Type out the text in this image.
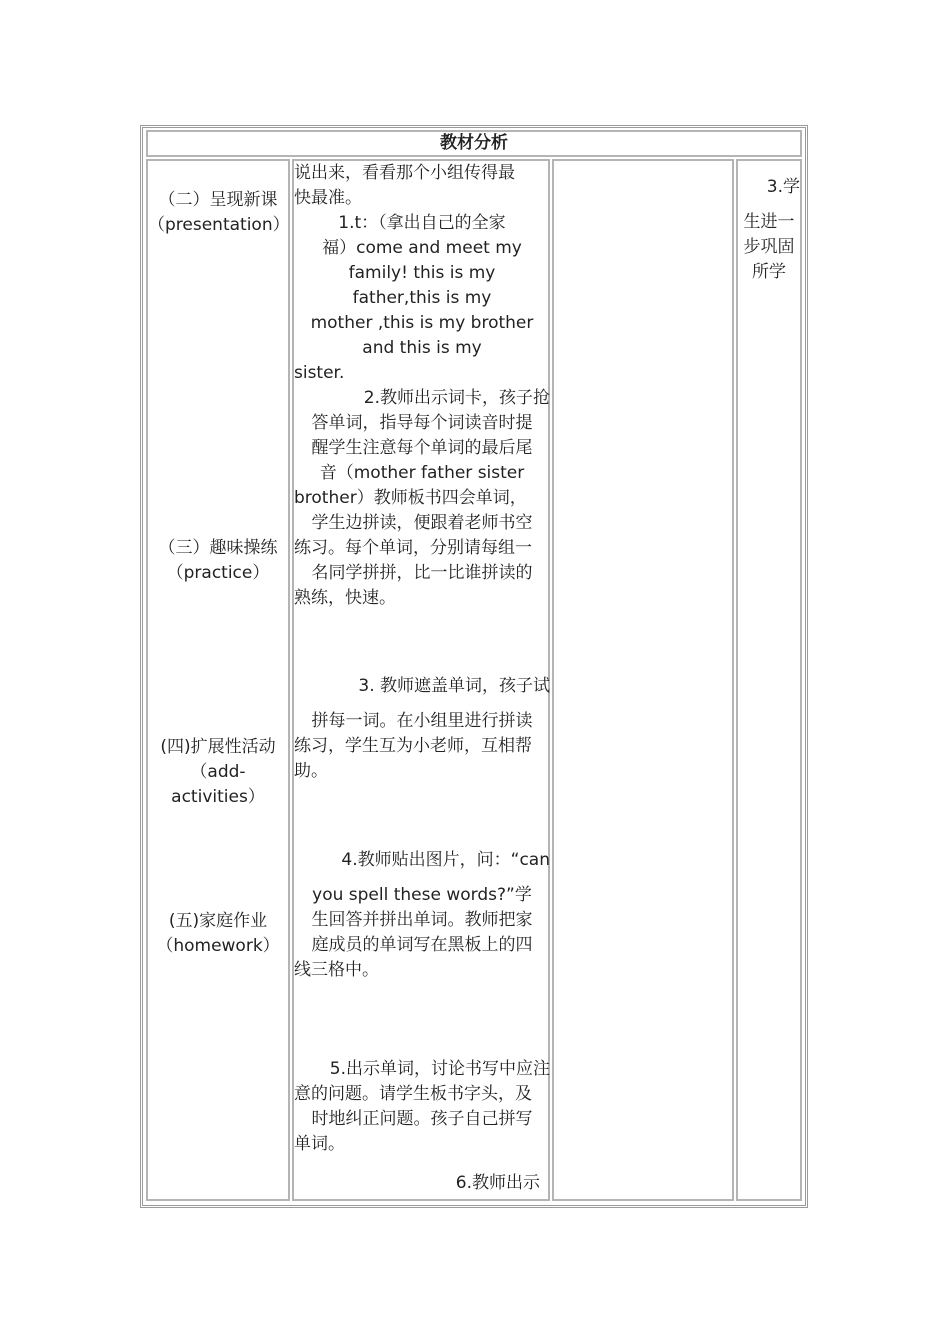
教材分析
（二）呈现新课
（presentation）
（三）趣味操练
（practice）
(四)扩展性活动
（add-
activities）
(五)家庭作业
（homework）
说出来，看看那个小组传得最
快最准。
1.t：（拿出自己的全家
福）come and meet my
family! this is my
father,this is my
mother ,this is my brother
and this is my
sister.
2.教师出示词卡，孩子抢
答单词，指导每个词读音时提
醒学生注意每个单词的最后尾
音（mother father sister
brother）教师板书四会单词，
学生边拼读，便跟着老师书空
练习。每个单词，分别请每组一
名同学拼拼，比一比谁拼读的
熟练，快速。
3. 教师遮盖单词，孩子试
拼每一词。在小组里进行拼读
练习，学生互为小老师，互相帮
助。
4.教师贴出图片，问：“can
you spell these words?”学
生回答并拼出单词。教师把家
庭成员的单词写在黑板上的四
线三格中。
5.出示单词，讨论书写中应注
意的问题。请学生板书字头，及
时地纠正问题。孩子自己拼写
单词。
6.教师出示
3.学
生进一
步巩固
所学
